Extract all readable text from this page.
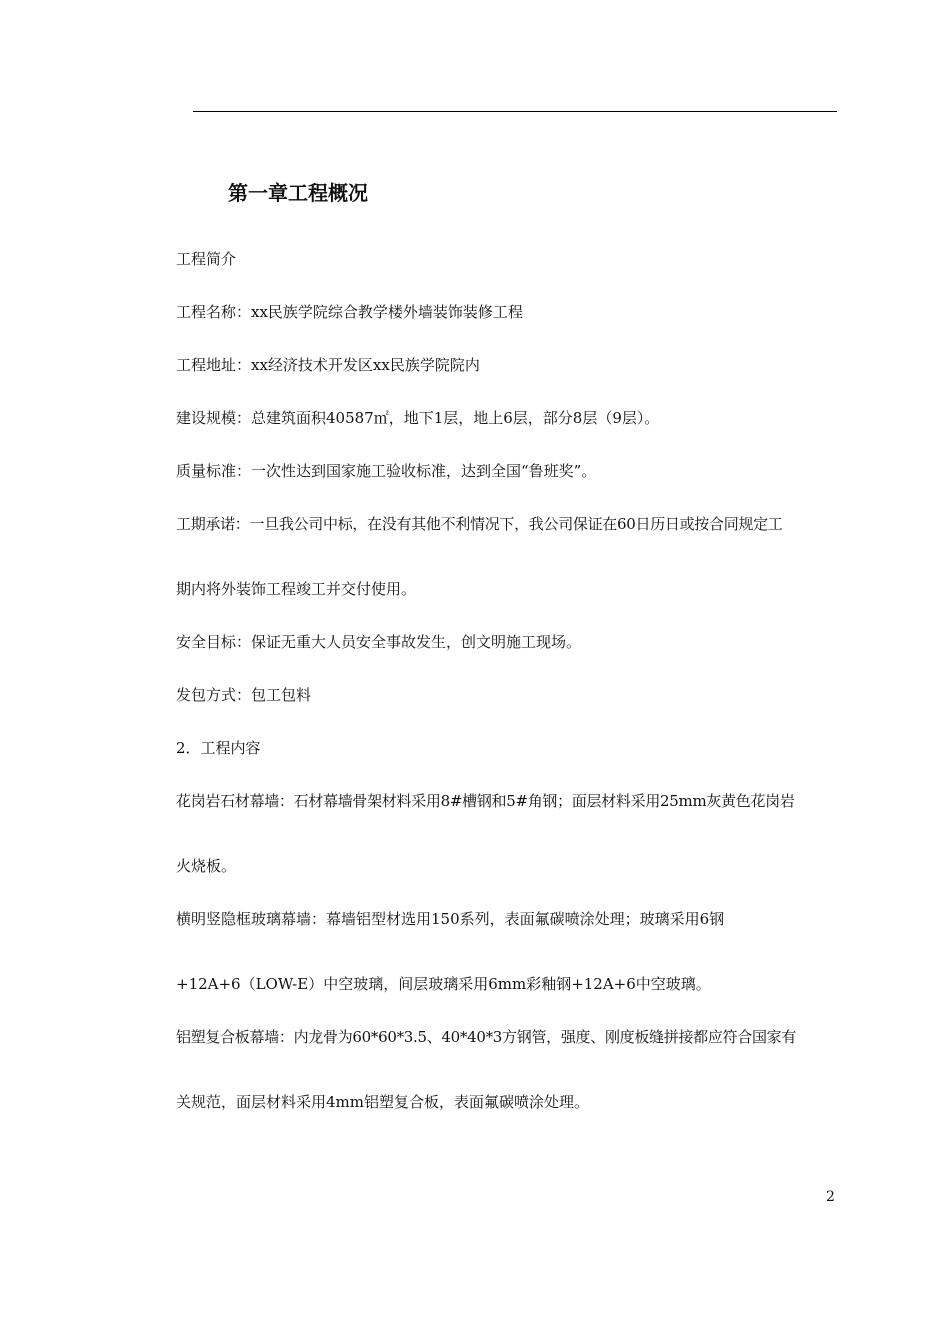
第一章工程概况
工程简介
工程名称：xx民族学院综合教学楼外墙装饰装修工程
工程地址：xx经济技术开发区xx民族学院院内
建设规模：总建筑面积40587㎡，地下1层，地上6层，部分8层（9层）。
质量标准：一次性达到国家施工验收标准，达到全国“鲁班奖”。
工期承诺：一旦我公司中标，在没有其他不利情况下，我公司保证在60日历日或按合同规定工
期内将外装饰工程竣工并交付使用。
安全目标：保证无重大人员安全事故发生，创文明施工现场。
发包方式：包工包料
2．工程内容
花岗岩石材幕墙：石材幕墙骨架材料采用8#槽钢和5#角钢；面层材料采用25mm灰黄色花岗岩
火烧板。
横明竖隐框玻璃幕墙：幕墙铝型材选用150系列，表面氟碳喷涂处理；玻璃采用6钢
+12A+6（LOW-E）中空玻璃，间层玻璃采用6mm彩釉钢+12A+6中空玻璃。
铝塑复合板幕墙：内龙骨为60*60*3.5、40*40*3方钢管，强度、刚度板缝拼接都应符合国家有
关规范，面层材料采用4mm铝塑复合板，表面氟碳喷涂处理。
2
